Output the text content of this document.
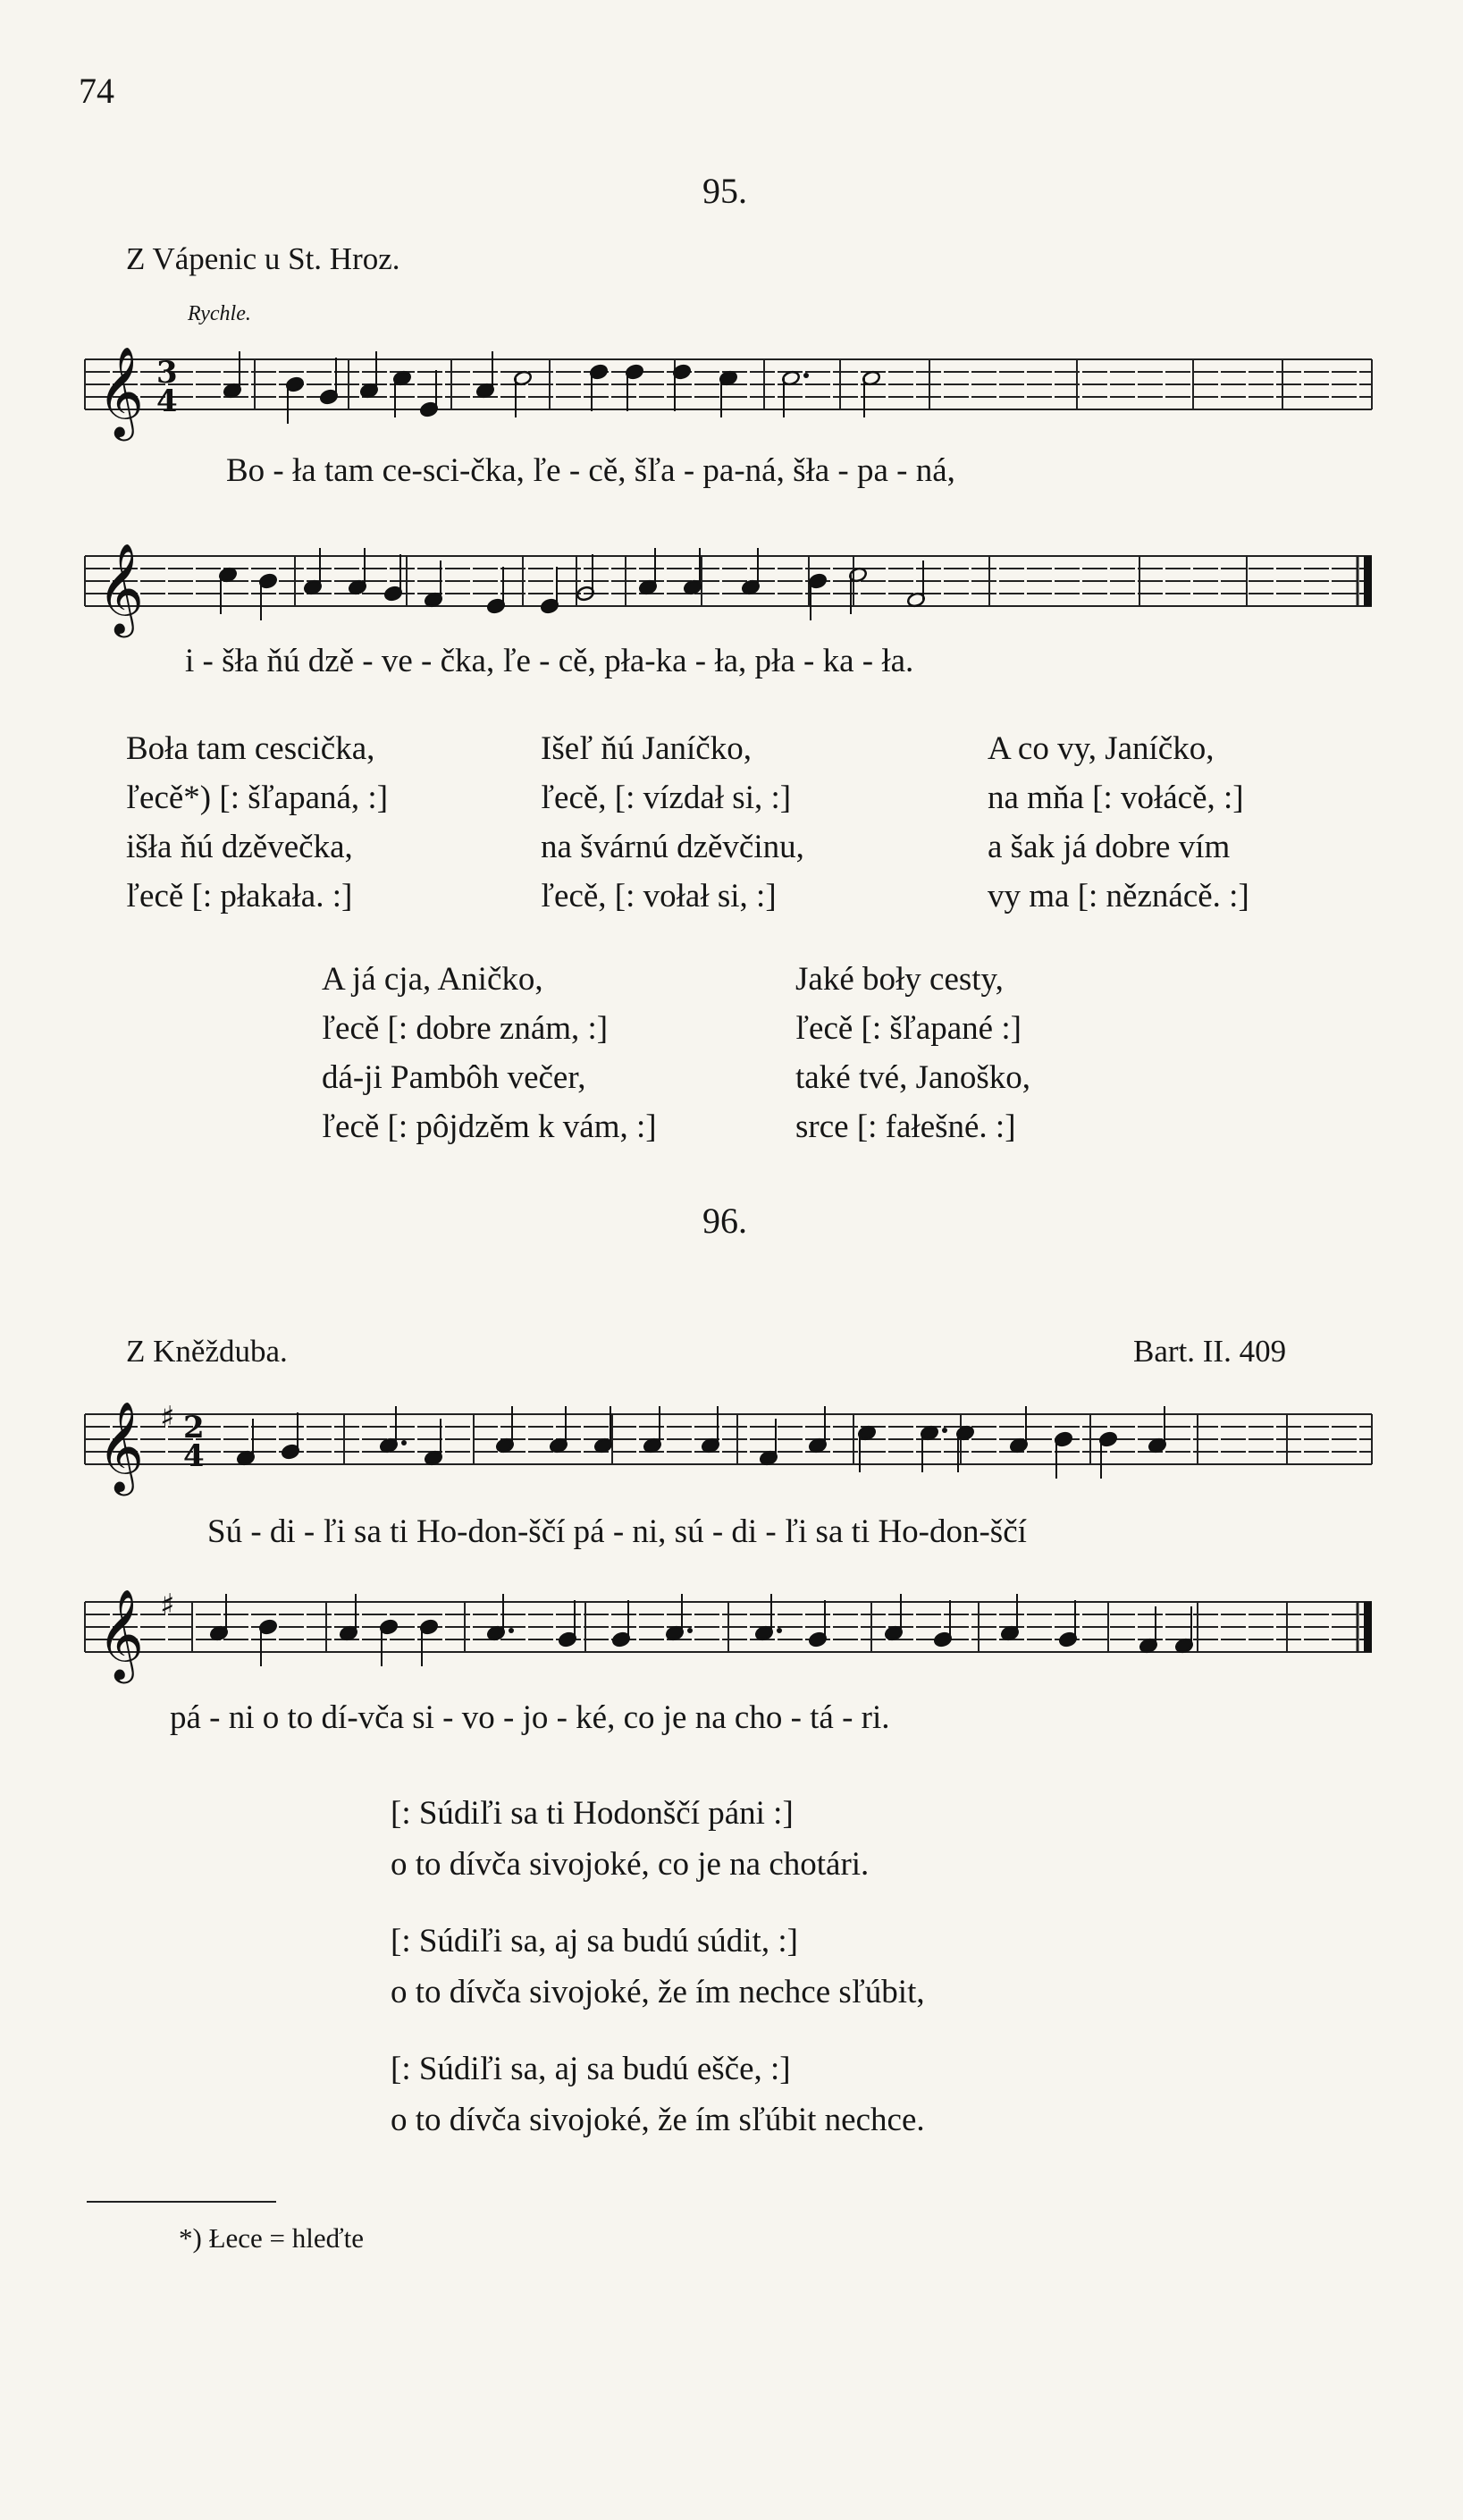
74
95.
Z Vápenic u St. Hroz.
Rychle.
𝄞 3
4
Bo - ła tam ce-sci-čka, ľe - cě, šľa - pa-ná, šła - pa - ná,
𝄞
i - šła ňú dzě - ve - čka, ľe - cě, pła-ka - ła, pła - ka - ła.
Boła tam cescička,
ľecě*) [: šľapaná, :]
išła ňú dzěvečka,
ľecě [: płakała. :]
Išeľ ňú Janíčko,
ľecě, [: vízdał si, :]
na švárnú dzěvčinu,
ľecě, [: vołał si, :]
A co vy, Janíčko,
na mňa [: vołácě, :]
a šak já dobre vím
vy ma [: něznácě. :]
A já cja, Aničko,
ľecě [: dobre znám, :]
dá-ji Pambôh večer,
ľecě [: pôjdzěm k vám, :]
Jaké boły cesty,
ľecě [: šľapané :]
také tvé, Janoško,
srce [: fałešné. :]
96.
Z Kněžduba.	Bart. II. 409
𝄞 ♯ 2
4
Sú - di - ľi sa ti Ho-don-ščí pá - ni, sú - di - ľi sa ti Ho-don-ščí
𝄞 ♯
pá - ni o to dí-vča si - vo - jo - ké, co je na cho - tá - ri.
[: Súdiľi sa ti Hodonščí páni :]
o to dívča sivojoké, co je na chotári.
[: Súdiľi sa, aj sa budú súdit, :]
o to dívča sivojoké, že ím nechce sľúbit,
[: Súdiľi sa, aj sa budú ešče, :]
o to dívča sivojoké, že ím sľúbit nechce.
*) Łece = hleďte
